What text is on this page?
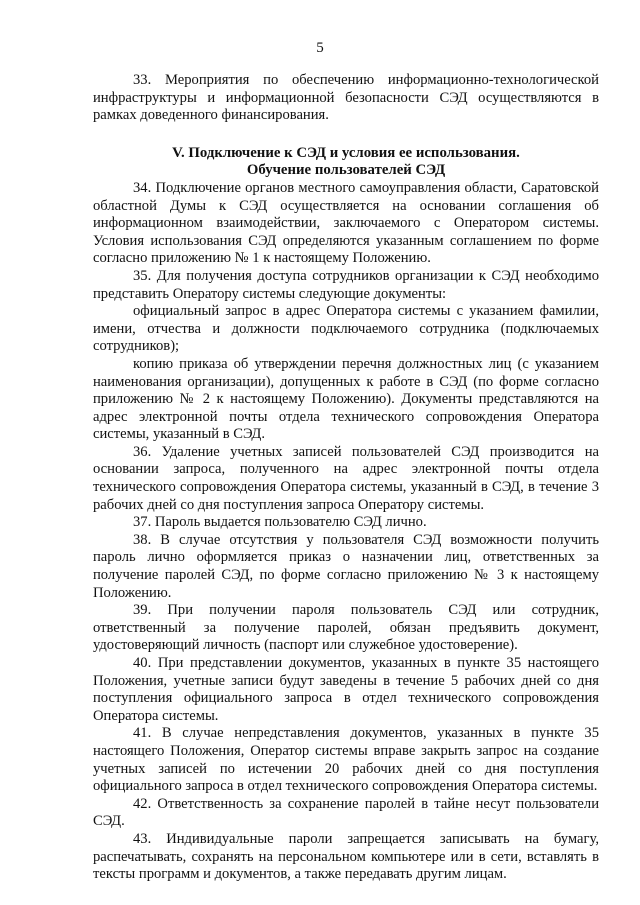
5

33. Мероприятия по обеспечению информационно-технологической инфраструктуры и информационной безопасности СЭД осуществляются в рамках доведенного финансирования.

V. Подключение к СЭД и условия ее использования.

Обучение пользователей СЭД

34. Подключение органов местного самоуправления области, Саратовской областной Думы к СЭД осуществляется на основании соглашения об информационном взаимодействии, заключаемого с Оператором системы. Условия использования СЭД определяются указанным соглашением по форме согласно приложению № 1 к настоящему Положению.

35. Для получения доступа сотрудников организации к СЭД необходимо представить Оператору системы следующие документы:

официальный запрос в адрес Оператора системы с указанием фамилии, имени, отчества и должности подключаемого сотрудника (подключаемых сотрудников);

копию приказа об утверждении перечня должностных лиц (с указанием наименования организации), допущенных к работе в СЭД (по форме согласно приложению № 2 к настоящему Положению). Документы представляются на адрес электронной почты отдела технического сопровождения Оператора системы, указанный в СЭД.

36. Удаление учетных записей пользователей СЭД производится на основании запроса, полученного на адрес электронной почты отдела технического сопровождения Оператора системы, указанный в СЭД, в течение 3 рабочих дней со дня поступления запроса Оператору системы.

37. Пароль выдается пользователю СЭД лично.

38. В случае отсутствия у пользователя СЭД возможности получить пароль лично оформляется приказ о назначении лиц, ответственных за получение паролей СЭД, по форме согласно приложению № 3 к настоящему Положению.

39. При получении пароля пользователь СЭД или сотрудник, ответственный за получение паролей, обязан предъявить документ, удостоверяющий личность (паспорт или служебное удостоверение).

40. При представлении документов, указанных в пункте 35 настоящего Положения, учетные записи будут заведены в течение 5 рабочих дней со дня поступления официального запроса в отдел технического сопровождения Оператора системы.

41. В случае непредставления документов, указанных в пункте 35 настоящего Положения, Оператор системы вправе закрыть запрос на создание учетных записей по истечении 20 рабочих дней со дня поступления официального запроса в отдел технического сопровождения Оператора системы.

42. Ответственность за сохранение паролей в тайне несут пользователи СЭД.

43. Индивидуальные пароли запрещается записывать на бумагу, распечатывать, сохранять на персональном компьютере или в сети, вставлять в тексты программ и документов, а также передавать другим лицам.
